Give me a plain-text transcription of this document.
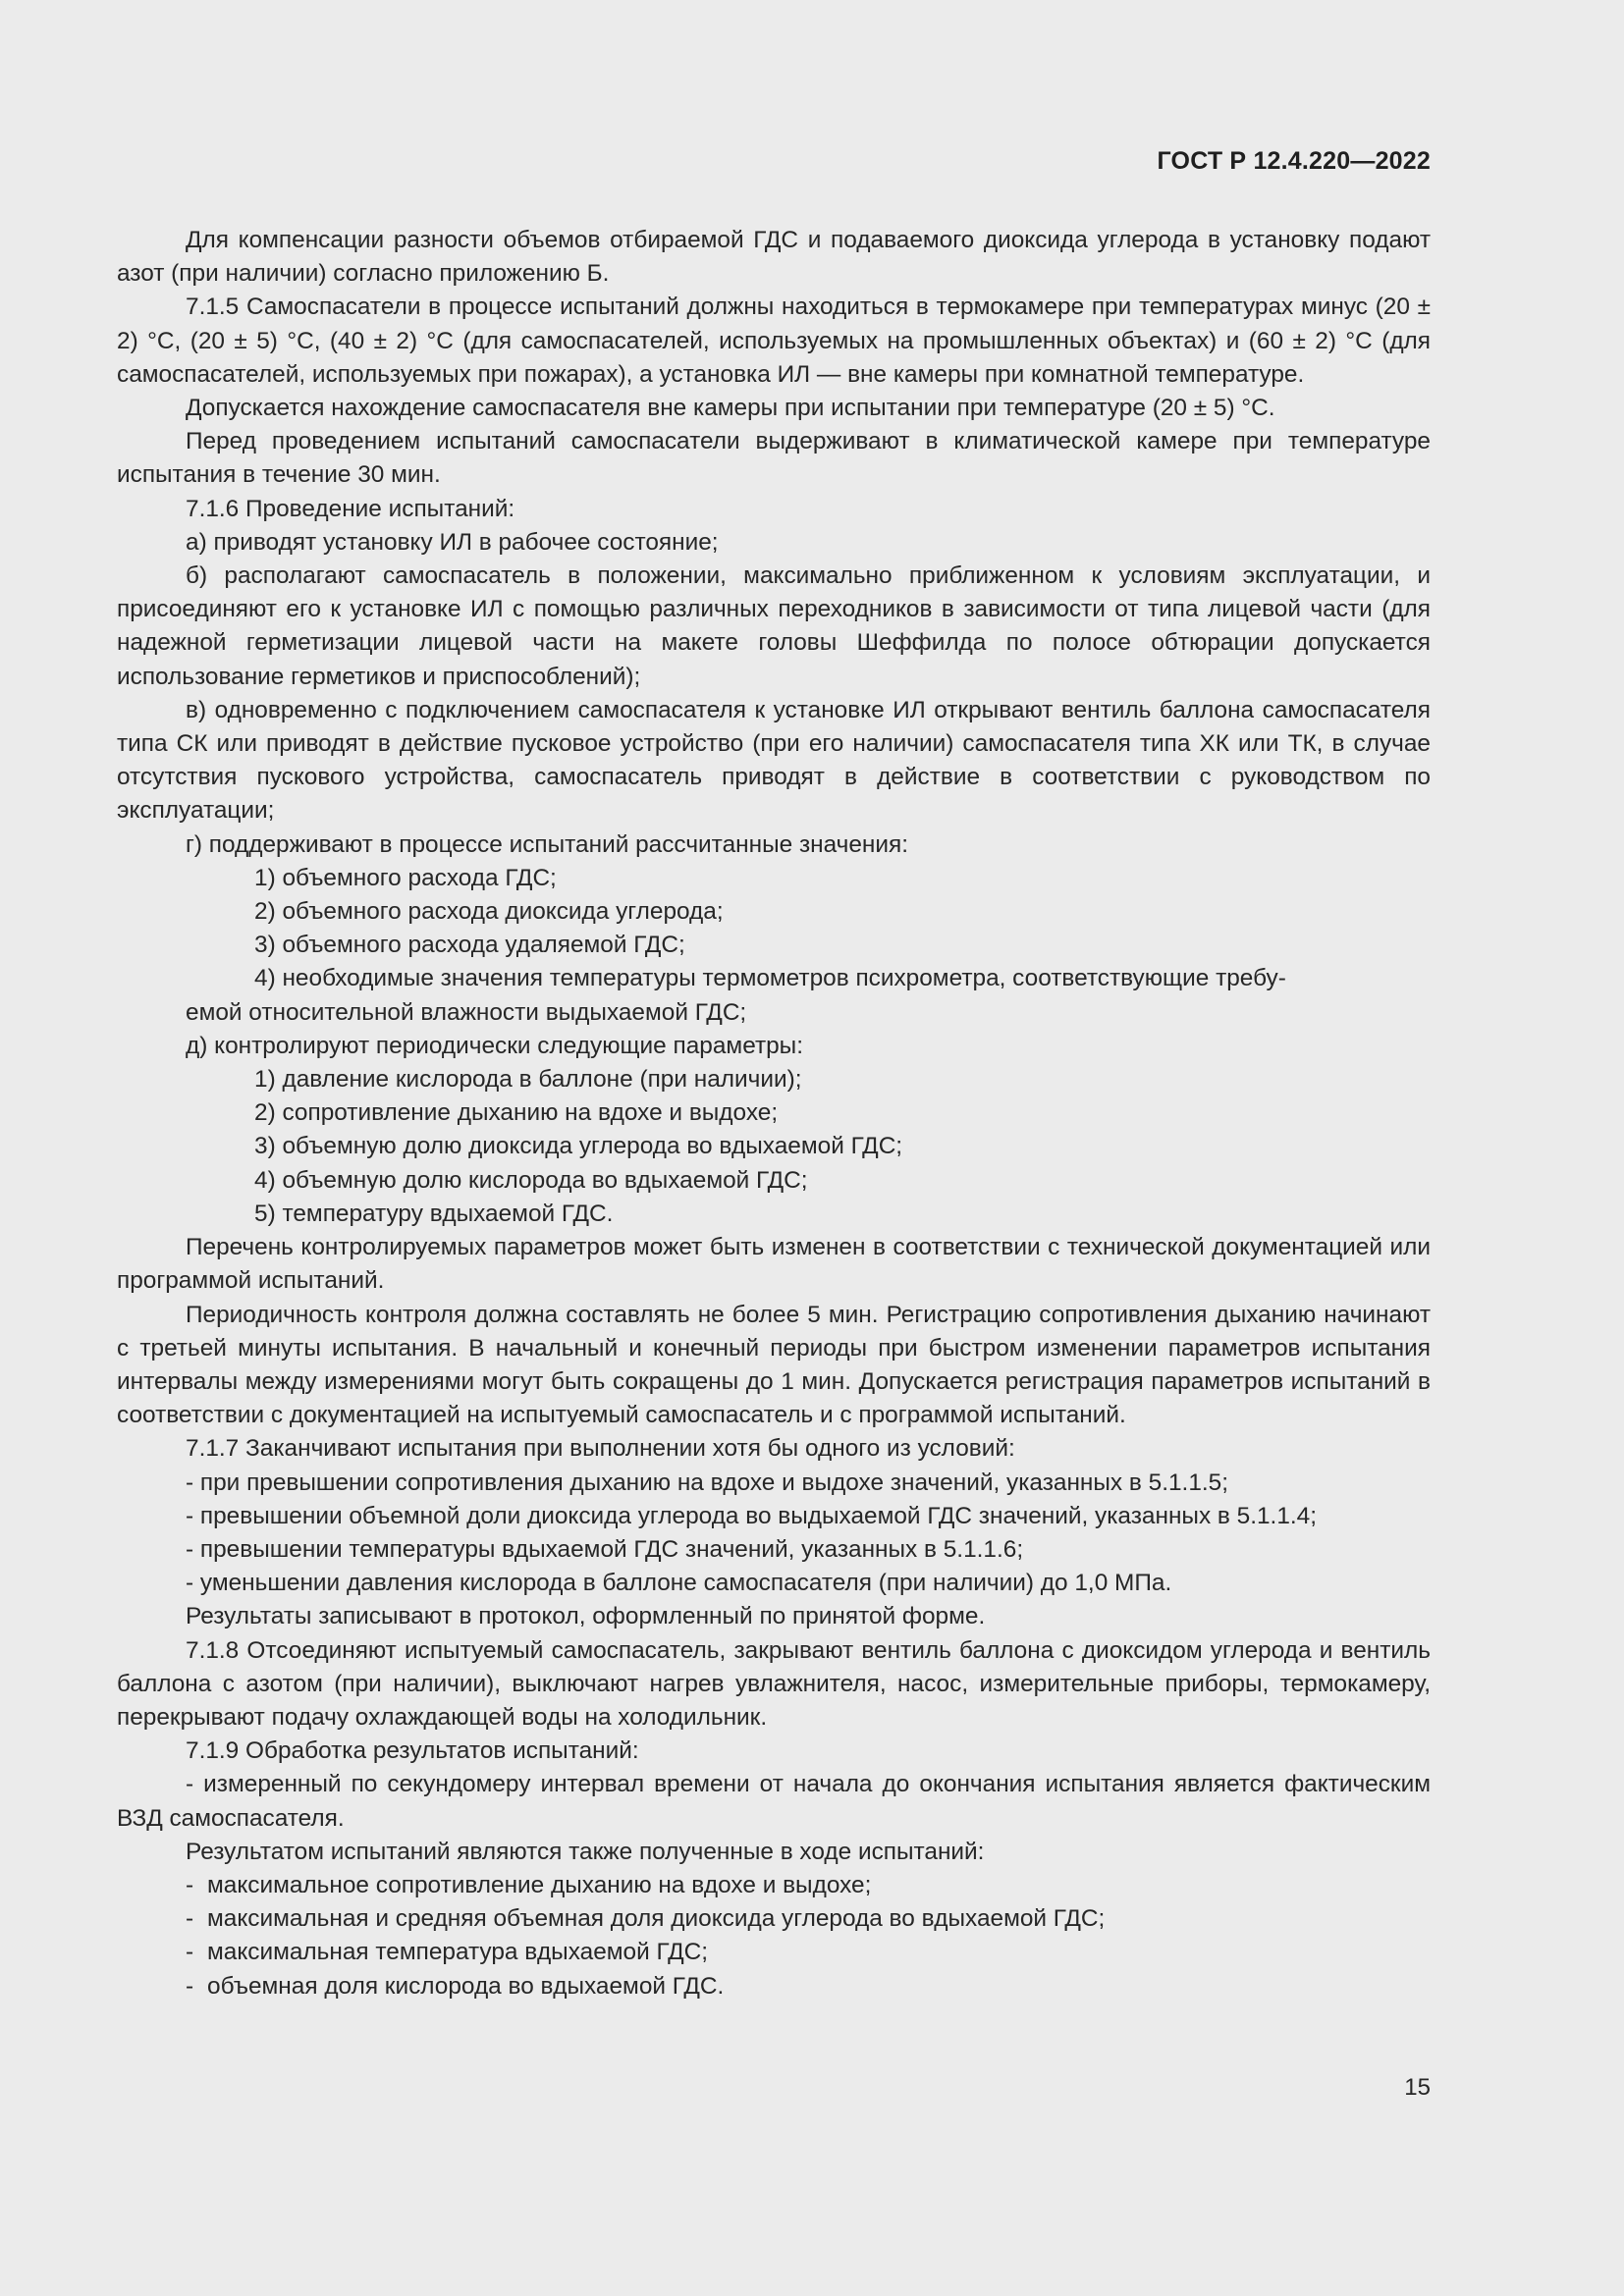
ГОСТ Р 12.4.220—2022

Для компенсации разности объемов отбираемой ГДС и подаваемого диоксида углерода в установку подают азот (при наличии) согласно приложению Б.

7.1.5 Самоспасатели в процессе испытаний должны находиться в термокамере при температурах минус (20 ± 2) °С, (20 ± 5) °С, (40 ± 2) °С (для самоспасателей, используемых на промышленных объектах) и (60 ± 2) °С (для самоспасателей, используемых при пожарах), а установка ИЛ — вне камеры при комнатной температуре.

Допускается нахождение самоспасателя вне камеры при испытании при температуре (20 ± 5) °С.

Перед проведением испытаний самоспасатели выдерживают в климатической камере при температуре испытания в течение 30 мин.

7.1.6 Проведение испытаний:

а) приводят установку ИЛ в рабочее состояние;

б) располагают самоспасатель в положении, максимально приближенном к условиям эксплуатации, и присоединяют его к установке ИЛ с помощью различных переходников в зависимости от типа лицевой части (для надежной герметизации лицевой части на макете головы Шеффилда по полосе обтюрации допускается использование герметиков и приспособлений);

в) одновременно с подключением самоспасателя к установке ИЛ открывают вентиль баллона самоспасателя типа СК или приводят в действие пусковое устройство (при его наличии) самоспасателя типа ХК или ТК, в случае отсутствия пускового устройства, самоспасатель приводят в действие в соответствии с руководством по эксплуатации;

г) поддерживают в процессе испытаний рассчитанные значения:

1) объемного расхода ГДС;

2) объемного расхода диоксида углерода;

3) объемного расхода удаляемой ГДС;

4) необходимые значения температуры термометров психрометра, соответствующие требу-

емой относительной влажности выдыхаемой ГДС;

д) контролируют периодически следующие параметры:

1) давление кислорода в баллоне (при наличии);

2) сопротивление дыханию на вдохе и выдохе;

3) объемную долю диоксида углерода во вдыхаемой ГДС;

4) объемную долю кислорода во вдыхаемой ГДС;

5) температуру вдыхаемой ГДС.

Перечень контролируемых параметров может быть изменен в соответствии с технической документацией или программой испытаний.

Периодичность контроля должна составлять не более 5 мин. Регистрацию сопротивления дыханию начинают с третьей минуты испытания. В начальный и конечный периоды при быстром изменении параметров испытания интервалы между измерениями могут быть сокращены до 1 мин. Допускается регистрация параметров испытаний в соответствии с документацией на испытуемый самоспасатель и с программой испытаний.

7.1.7 Заканчивают испытания при выполнении хотя бы одного из условий:

- при превышении сопротивления дыханию на вдохе и выдохе значений, указанных в 5.1.1.5;

- превышении объемной доли диоксида углерода во выдыхаемой ГДС значений, указанных в 5.1.1.4;

- превышении температуры вдыхаемой ГДС значений, указанных в 5.1.1.6;

- уменьшении давления кислорода в баллоне самоспасателя (при наличии) до 1,0 МПа.

Результаты записывают в протокол, оформленный по принятой форме.

7.1.8 Отсоединяют испытуемый самоспасатель, закрывают вентиль баллона с диоксидом углерода и вентиль баллона с азотом (при наличии), выключают нагрев увлажнителя, насос, измерительные приборы, термокамеру, перекрывают подачу охлаждающей воды на холодильник.

7.1.9 Обработка результатов испытаний:

- измеренный по секундомеру интервал времени от начала до окончания испытания является фактическим ВЗД самоспасателя.

Результатом испытаний являются также полученные в ходе испытаний:

- максимальное сопротивление дыханию на вдохе и выдохе;

- максимальная и средняя объемная доля диоксида углерода во вдыхаемой ГДС;

- максимальная температура вдыхаемой ГДС;

- объемная доля кислорода во вдыхаемой ГДС.

15
